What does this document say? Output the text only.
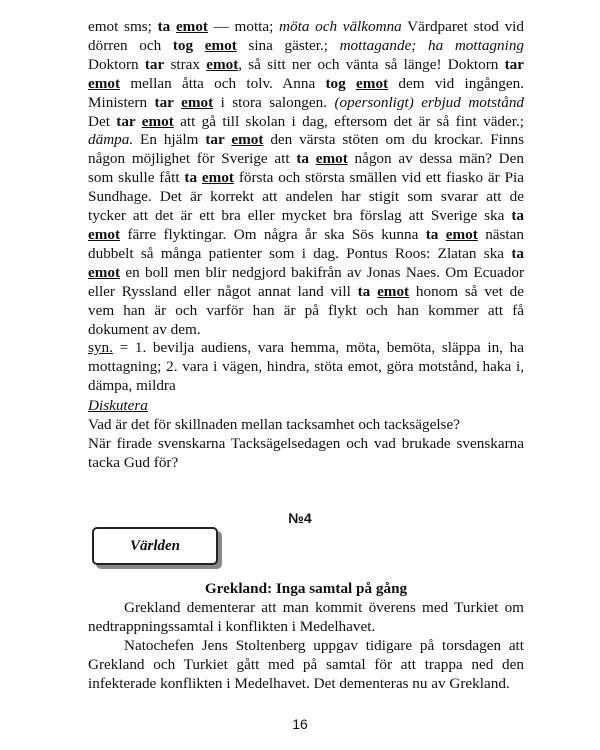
emot sms; ta emot — motta; möta och välkomna Värdparet stod vid
dörren och tog emot sina gäster.; mottagande; ha mottagning
Doktorn tar strax emot, så sitt ner och vänta så länge! Doktorn tar
emot mellan åtta och tolv. Anna tog emot dem vid ingången.
Ministern tar emot i stora salongen. (opersonligt) erbjud motstånd
Det tar emot att gå till skolan i dag, eftersom det är så fint väder.;
dämpa. En hjälm tar emot den värsta stöten om du krockar. Finns
någon möjlighet för Sverige att ta emot någon av dessa män? Den
som skulle fått ta emot första och största smällen vid ett fiasko är Pia
Sundhage. Det är korrekt att andelen har stigit som svarar att de
tycker att det är ett bra eller mycket bra förslag att Sverige ska ta
emot färre flyktingar. Om några år ska Sös kunna ta emot nästan
dubbelt så många patienter som i dag. Pontus Roos: Zlatan ska ta
emot en boll men blir nedgjord bakifrån av Jonas Naes. Om Ecuador
eller Ryssland eller något annat land vill ta emot honom så vet de
vem han är och varför han är på flykt och han kommer att få
dokument av dem.
syn. = 1. bevilja audiens, vara hemma, möta, bemöta, släppa in, ha
mottagning; 2. vara i vägen, hindra, stöta emot, göra motstånd, haka i,
dämpa, mildra
Diskutera

Vad är det för skillnaden mellan tacksamhet och tacksägelse?

När firade svenskarna Tacksägelsedagen och vad brukade svenskarna tacka Gud för?

№4
Världen
Grekland: Inga samtal på gång

Grekland dementerar att man kommit överens med Turkiet om nedtrappningssamtal i konflikten i Medelhavet.

Natochefen Jens Stoltenberg uppgav tidigare på torsdagen att Grekland och Turkiet gått med på samtal för att trappa ned den infekterade konflikten i Medelhavet. Det dementeras nu av Grekland.

16
